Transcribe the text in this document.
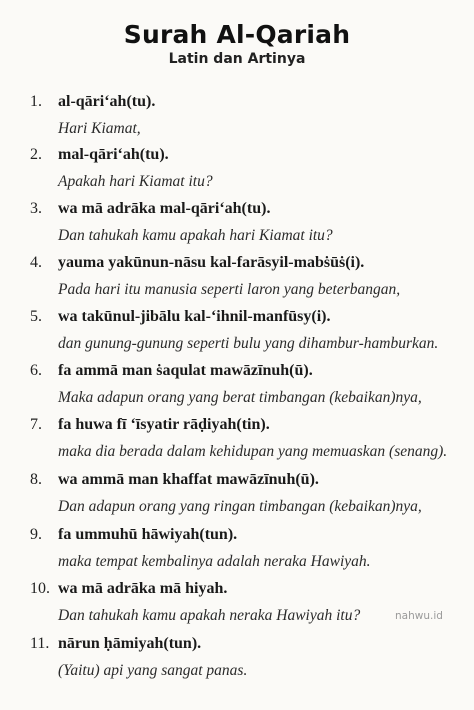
Surah Al-Qariah
Latin dan Artinya
1. al-qāri‘ah(tu).
Hari Kiamat,
2. mal-qāri‘ah(tu).
Apakah hari Kiamat itu?
3. wa mā adrāka mal-qāri‘ah(tu).
Dan tahukah kamu apakah hari Kiamat itu?
4. yauma yakūnun-nāsu kal-farāsyil-mabṡūṡ(i).
Pada hari itu manusia seperti laron yang beterbangan,
5. wa takūnul-jibālu kal-‘ihnil-manfūsy(i).
dan gunung-gunung seperti bulu yang dihambur-hamburkan.
6. fa ammā man ṡaqulat mawāzīnuh(ū).
Maka adapun orang yang berat timbangan (kebaikan)nya,
7. fa huwa fī ‘īsyatir rāḍiyah(tin).
maka dia berada dalam kehidupan yang memuaskan (senang).
8. wa ammā man khaffat mawāzīnuh(ū).
Dan adapun orang yang ringan timbangan (kebaikan)nya,
9. fa ummuhū hāwiyah(tun).
maka tempat kembalinya adalah neraka Hawiyah.
10. wa mā adrāka mā hiyah.
Dan tahukah kamu apakah neraka Hawiyah itu?
11. nārun ḥāmiyah(tun).
(Yaitu) api yang sangat panas.
nahwu.id
